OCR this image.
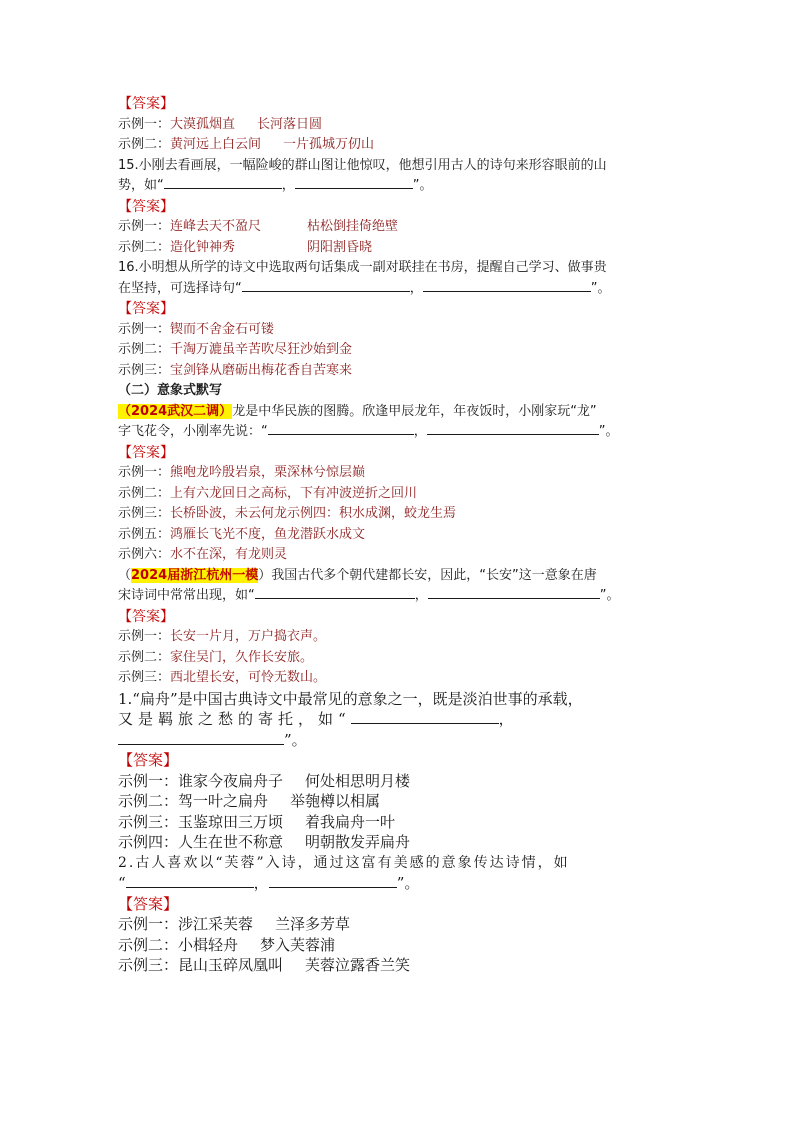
【答案】
示例一：大漠孤烟直 长河落日圆
示例二：黄河远上白云间 一片孤城万仞山
15.小刚去看画展，一幅险峻的群山图让他惊叹，他想引用古人的诗句来形容眼前的山
势，如“	，	”。
【答案】
示例一：连峰去天不盈尺	枯松倒挂倚绝壁
示例二：造化钟神秀	阴阳割昏晓
16.小明想从所学的诗文中选取两句话集成一副对联挂在书房，提醒自己学习、做事贵
在坚持，可选择诗句“	，	”。
【答案】
示例一：锲而不舍金石可镂
示例二：千淘万漉虽辛苦吹尽狂沙始到金
示例三：宝剑锋从磨砺出梅花香自苦寒来
（二）意象式默写
（2024武汉二调）龙是中华民族的图腾。欣逢甲辰龙年，年夜饭时，小刚家玩“龙”
字飞花令，小刚率先说：“	，	”。
【答案】
示例一：熊咆龙吟殷岩泉，栗深林兮惊层巅
示例二：上有六龙回日之高标，下有冲波逆折之回川
示例三：长桥卧波，未云何龙示例四：积水成渊，蛟龙生焉
示例五：鸿雁长飞光不度，鱼龙潜跃水成文
示例六：水不在深，有龙则灵
（2024届浙江杭州一模）我国古代多个朝代建都长安，因此，“长安”这一意象在唐
宋诗词中常常出现，如“	，	”。
【答案】
示例一：长安一片月，万户捣衣声。
示例二：家住吴门，久作长安旅。
示例三：西北望长安，可怜无数山。
1.“扁舟”是中国古典诗文中最常见的意象之一，既是淡泊世事的承载，
又是羁旅之愁的寄托，如“	，
”。
【答案】
示例一：谁家今夜扁舟子 何处相思明月楼
示例二：驾一叶之扁舟 举匏樽以相属
示例三：玉鉴琼田三万顷 着我扁舟一叶
示例四：人生在世不称意 明朝散发弄扁舟
2.古人喜欢以“芙蓉”入诗，通过这富有美感的意象传达诗情，如
“	，	”。
【答案】
示例一：涉江采芙蓉 兰泽多芳草
示例二：小楫轻舟 梦入芙蓉浦
示例三：昆山玉碎凤凰叫 芙蓉泣露香兰笑
